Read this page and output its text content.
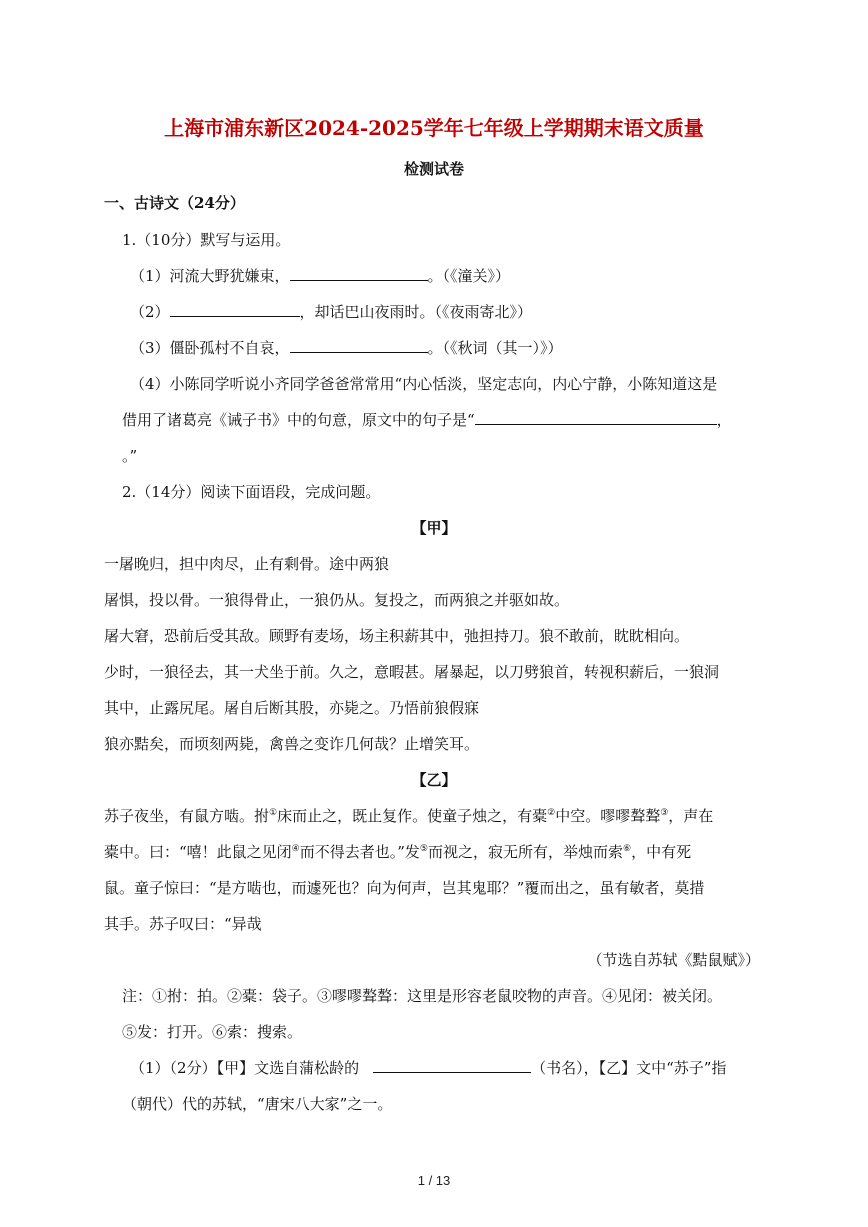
上海市浦东新区2024-2025学年七年级上学期期末语文质量
检测试卷
一、古诗文（24分）
1.（10分）默写与运用。
（1）河流大野犹嫌束，	。（《潼关》）
（2）	，却话巴山夜雨时。（《夜雨寄北》）
（3）僵卧孤村不自哀，	。（《秋词（其一）》）
（4）小陈同学听说小齐同学爸爸常常用“内心恬淡，坚定志向，内心宁静，小陈知道这是
借用了诸葛亮《诫子书》中的句意，原文中的句子是“	，
。”
2.（14分）阅读下面语段，完成问题。
【甲】
一屠晚归，担中肉尽，止有剩骨。途中两狼
屠惧，投以骨。一狼得骨止，一狼仍从。复投之，而两狼之并驱如故。
屠大窘，恐前后受其敌。顾野有麦场，场主积薪其中，弛担持刀。狼不敢前，眈眈相向。
少时，一狼径去，其一犬坐于前。久之，意暇甚。屠暴起，以刀劈狼首，转视积薪后，一狼洞
其中，止露尻尾。屠自后断其股，亦毙之。乃悟前狼假寐
狼亦黠矣，而顷刻两毙，禽兽之变诈几何哉？止增笑耳。
【乙】
苏子夜坐，有鼠方啮。拊①床而止之，既止复作。使童子烛之，有橐②中空。嘐嘐聱聱③，声在
橐中。曰：“嘻！此鼠之见闭④而不得去者也。”发⑤而视之，寂无所有，举烛而索⑥，中有死
鼠。童子惊曰：“是方啮也，而遽死也？向为何声，岂其鬼耶？”覆而出之，虽有敏者，莫措
其手。苏子叹曰：“异哉
（节选自苏轼《黠鼠赋》）
注：①拊：拍。②橐：袋子。③嘐嘐聱聱：这里是形容老鼠咬物的声音。④见闭：被关闭。
⑤发：打开。⑥索：搜索。
（1）（2分）【甲】文选自蒲松龄的	（书名），【乙】文中“苏子”指
（朝代）代的苏轼，“唐宋八大家”之一。
1 / 13
